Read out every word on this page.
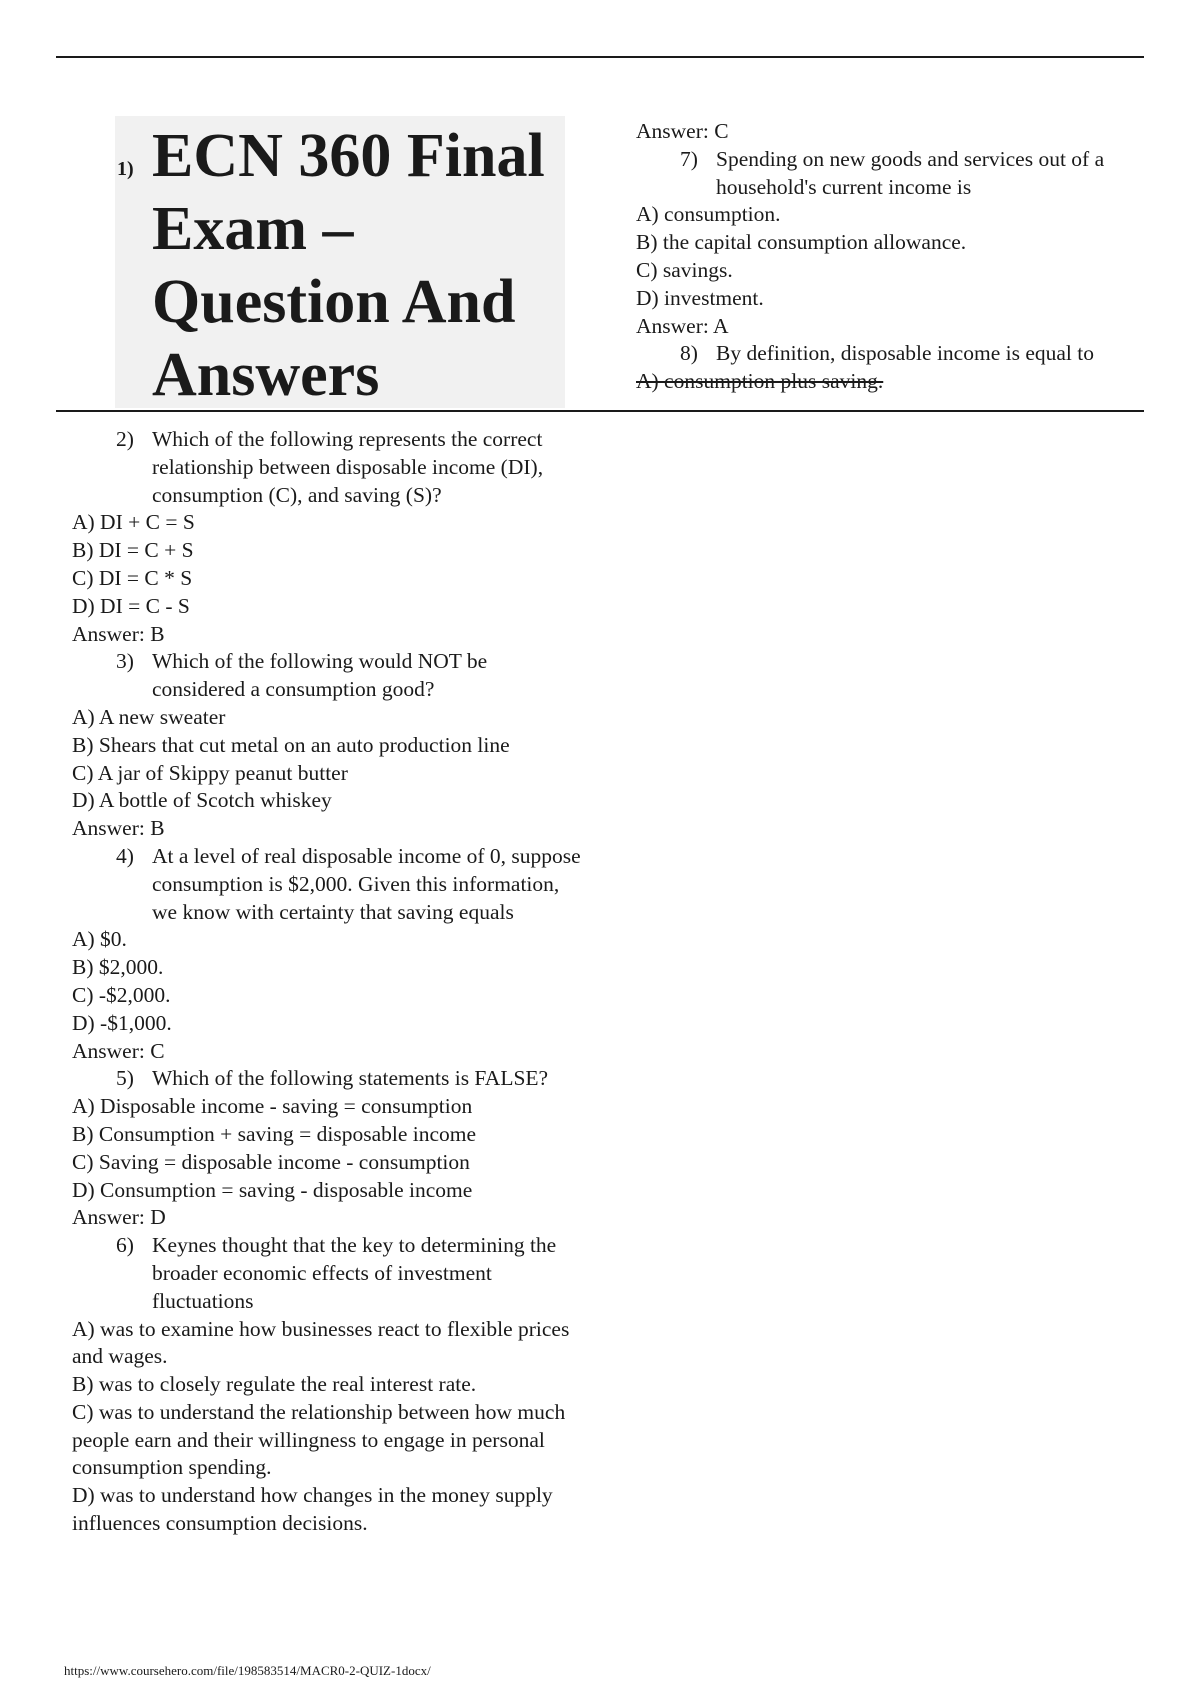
1) ECN 360 Final Exam – Question And Answers
Answer: C
7) Spending on new goods and services out of a household's current income is
A) consumption.
B) the capital consumption allowance.
C) savings.
D) investment.
Answer: A
8) By definition, disposable income is equal to
A) consumption plus saving.
2) Which of the following represents the correct relationship between disposable income (DI), consumption (C), and saving (S)?
A) DI + C = S
B) DI = C + S
C) DI = C * S
D) DI = C - S
Answer: B
3) Which of the following would NOT be considered a consumption good?
A) A new sweater
B) Shears that cut metal on an auto production line
C) A jar of Skippy peanut butter
D) A bottle of Scotch whiskey
Answer: B
4) At a level of real disposable income of 0, suppose consumption is $2,000. Given this information, we know with certainty that saving equals
A) $0.
B) $2,000.
C) -$2,000.
D) -$1,000.
Answer: C
5) Which of the following statements is FALSE?
A) Disposable income - saving = consumption
B) Consumption + saving = disposable income
C) Saving = disposable income - consumption
D) Consumption = saving - disposable income
Answer: D
6) Keynes thought that the key to determining the broader economic effects of investment fluctuations
A) was to examine how businesses react to flexible prices and wages.
B) was to closely regulate the real interest rate.
C) was to understand the relationship between how much people earn and their willingness to engage in personal consumption spending.
D) was to understand how changes in the money supply influences consumption decisions.
https://www.coursehero.com/file/198583514/MACR0-2-QUIZ-1docx/
